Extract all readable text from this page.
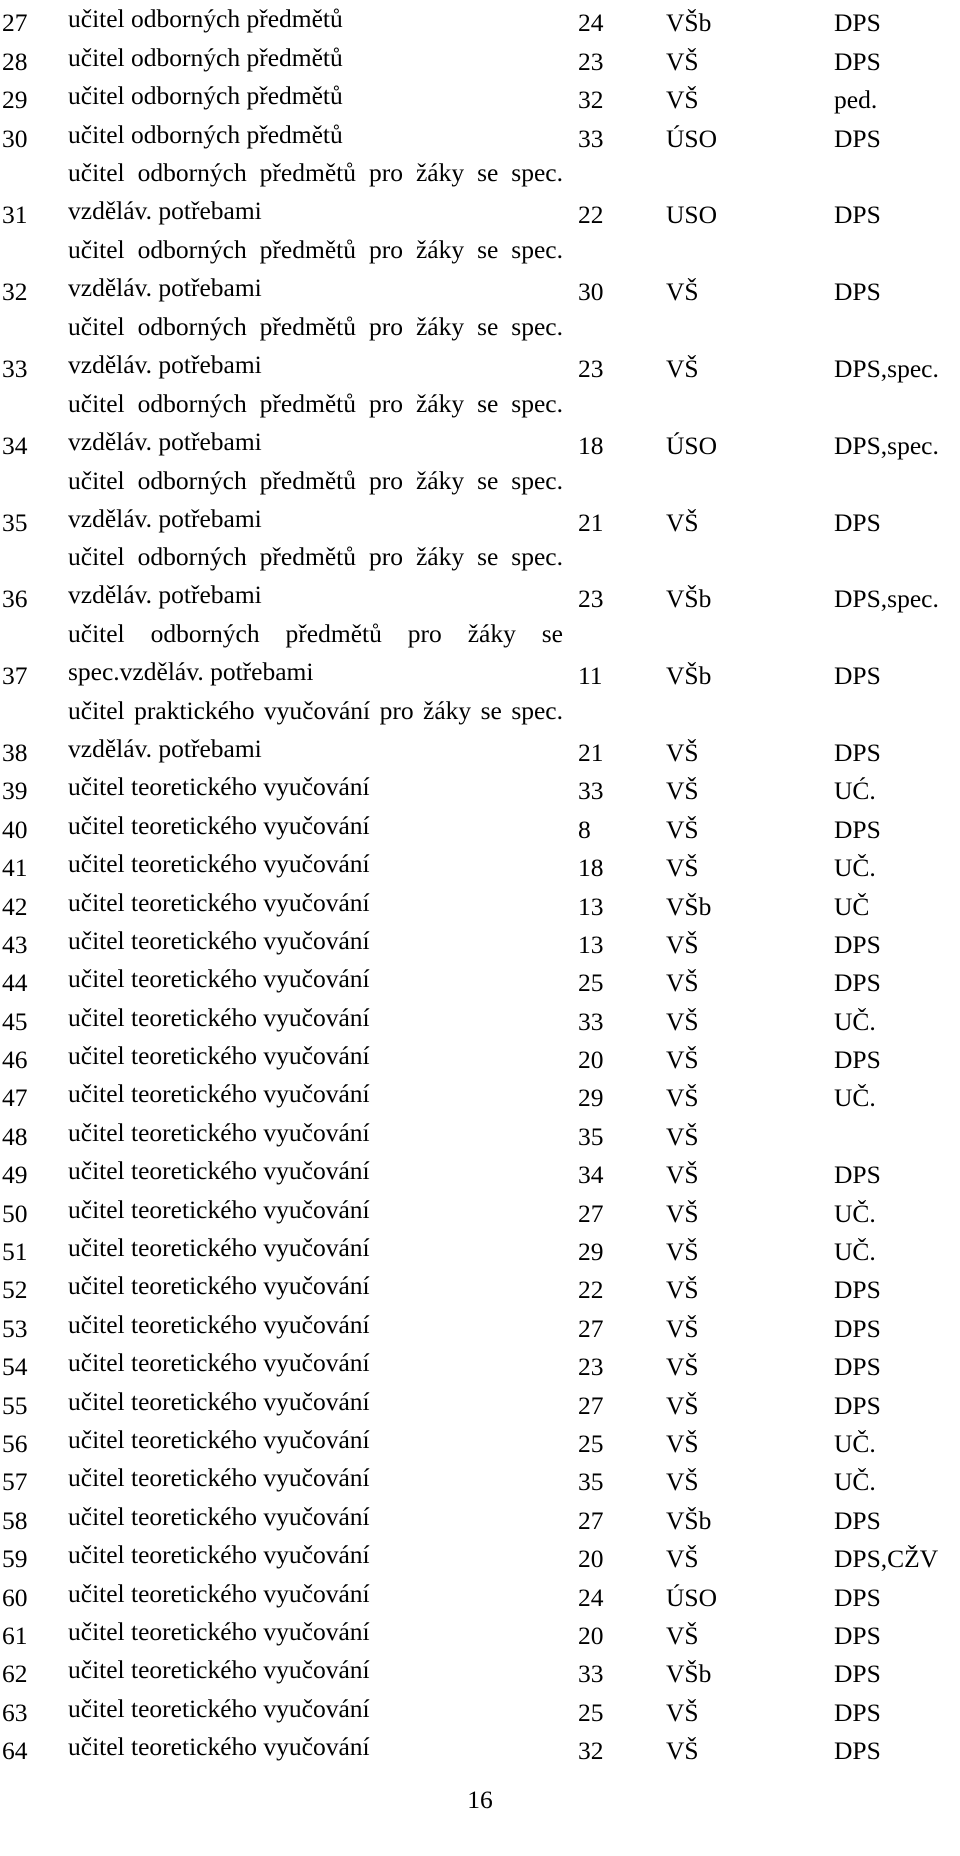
27	učitel odborných předmětů	24	VŠb	DPS
28	učitel odborných předmětů	23	VŠ	DPS
29	učitel odborných předmětů	32	VŠ	ped.
30	učitel odborných předmětů	33	ÚSO	DPS
31	učitel odborných předmětů pro žáky se spec. vzděláv. potřebami	22	USO	DPS
32	učitel odborných předmětů pro žáky se spec. vzděláv. potřebami	30	VŠ	DPS
33	učitel odborných předmětů pro žáky se spec. vzděláv. potřebami	23	VŠ	DPS,spec.
34	učitel odborných předmětů pro žáky se spec. vzděláv. potřebami	18	ÚSO	DPS,spec.
35	učitel odborných předmětů pro žáky se spec. vzděláv. potřebami	21	VŠ	DPS
36	učitel odborných předmětů pro žáky se spec. vzděláv. potřebami	23	VŠb	DPS,spec.
37	učitel odborných předmětů pro žáky se spec.vzděláv. potřebami	11	VŠb	DPS
38	učitel praktického vyučování pro žáky se spec. vzděláv. potřebami	21	VŠ	DPS
39	učitel teoretického vyučování	33	VŠ	UĆ.
40	učitel teoretického vyučování	8	VŠ	DPS
41	učitel teoretického vyučování	18	VŠ	UČ.
42	učitel teoretického vyučování	13	VŠb	UČ
43	učitel teoretického vyučování	13	VŠ	DPS
44	učitel teoretického vyučování	25	VŠ	DPS
45	učitel teoretického vyučování	33	VŠ	UČ.
46	učitel teoretického vyučování	20	VŠ	DPS
47	učitel teoretického vyučování	29	VŠ	UČ.
48	učitel teoretického vyučování	35	VŠ	
49	učitel teoretického vyučování	34	VŠ	DPS
50	učitel teoretického vyučování	27	VŠ	UČ.
51	učitel teoretického vyučování	29	VŠ	UČ.
52	učitel teoretického vyučování	22	VŠ	DPS
53	učitel teoretického vyučování	27	VŠ	DPS
54	učitel teoretického vyučování	23	VŠ	DPS
55	učitel teoretického vyučování	27	VŠ	DPS
56	učitel teoretického vyučování	25	VŠ	UČ.
57	učitel teoretického vyučování	35	VŠ	UČ.
58	učitel teoretického vyučování	27	VŠb	DPS
59	učitel teoretického vyučování	20	VŠ	DPS,CŽV
60	učitel teoretického vyučování	24	ÚSO	DPS
61	učitel teoretického vyučování	20	VŠ	DPS
62	učitel teoretického vyučování	33	VŠb	DPS
63	učitel teoretického vyučování	25	VŠ	DPS
64	učitel teoretického vyučování	32	VŠ	DPS
16
